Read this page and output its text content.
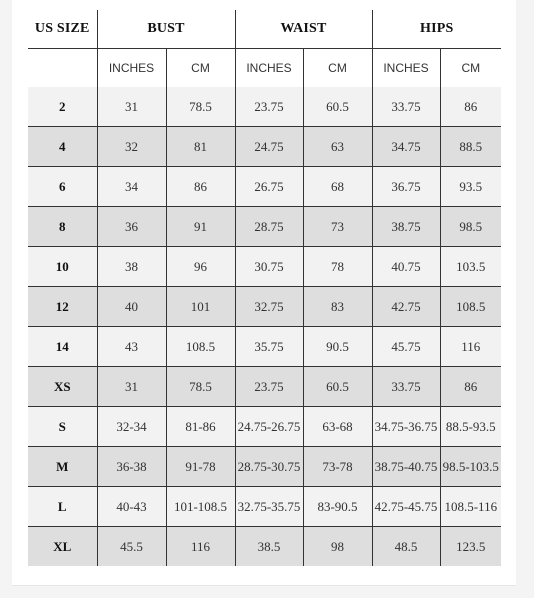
US SIZE	BUST		WAIST		HIPS	
	INCHES	CM	INCHES	CM	INCHES	CM
2	31	78.5	23.75	60.5	33.75	86
4	32	81	24.75	63	34.75	88.5
6	34	86	26.75	68	36.75	93.5
8	36	91	28.75	73	38.75	98.5
10	38	96	30.75	78	40.75	103.5
12	40	101	32.75	83	42.75	108.5
14	43	108.5	35.75	90.5	45.75	116
XS	31	78.5	23.75	60.5	33.75	86
S	32-34	81-86	24.75-26.75	63-68	34.75-36.75	88.5-93.5
M	36-38	91-78	28.75-30.75	73-78	38.75-40.75	98.5-103.5
L	40-43	101-108.5	32.75-35.75	83-90.5	42.75-45.75	108.5-116
XL	45.5	116	38.5	98	48.5	123.5
